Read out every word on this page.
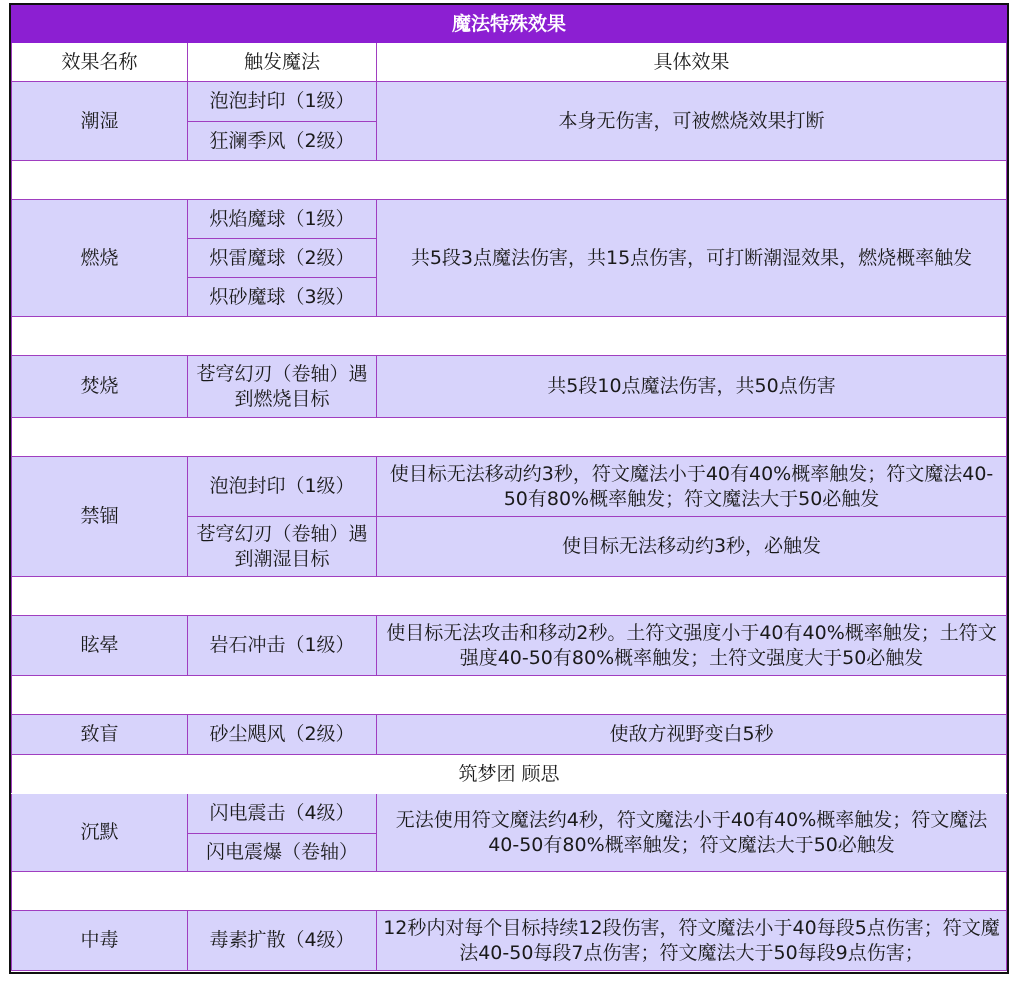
魔法特殊效果		
效果名称	触发魔法	具体效果
潮湿	泡泡封印（1级）	本身无伤害，可被燃烧效果打断
	狂澜季风（2级）	

燃烧	炽焰魔球（1级）	共5段3点魔法伤害，共15点伤害，可打断潮湿效果，燃烧概率触发
	炽雷魔球（2级）	
	炽砂魔球（3级）	

焚烧	苍穹幻刃（卷轴）遇到燃烧目标	共5段10点魔法伤害，共50点伤害

禁锢	泡泡封印（1级）	使目标无法移动约3秒，符文魔法小于40有40%概率触发；符文魔法40-50有80%概率触发；符文魔法大于50必触发
	苍穹幻刃（卷轴）遇到潮湿目标	使目标无法移动约3秒，必触发

眩晕	岩石冲击（1级）	使目标无法攻击和移动2秒。土符文强度小于40有40%概率触发；土符文强度40-50有80%概率触发；土符文强度大于50必触发

致盲	砂尘飓风（2级）	使敌方视野变白5秒
筑梦团 顾思		
沉默	闪电震击（4级）	无法使用符文魔法约4秒，符文魔法小于40有40%概率触发；符文魔法40-50有80%概率触发；符文魔法大于50必触发
	闪电震爆（卷轴）	

中毒	毒素扩散（4级）	12秒内对每个目标持续12段伤害，符文魔法小于40每段5点伤害；符文魔法40-50每段7点伤害；符文魔法大于50每段9点伤害；
